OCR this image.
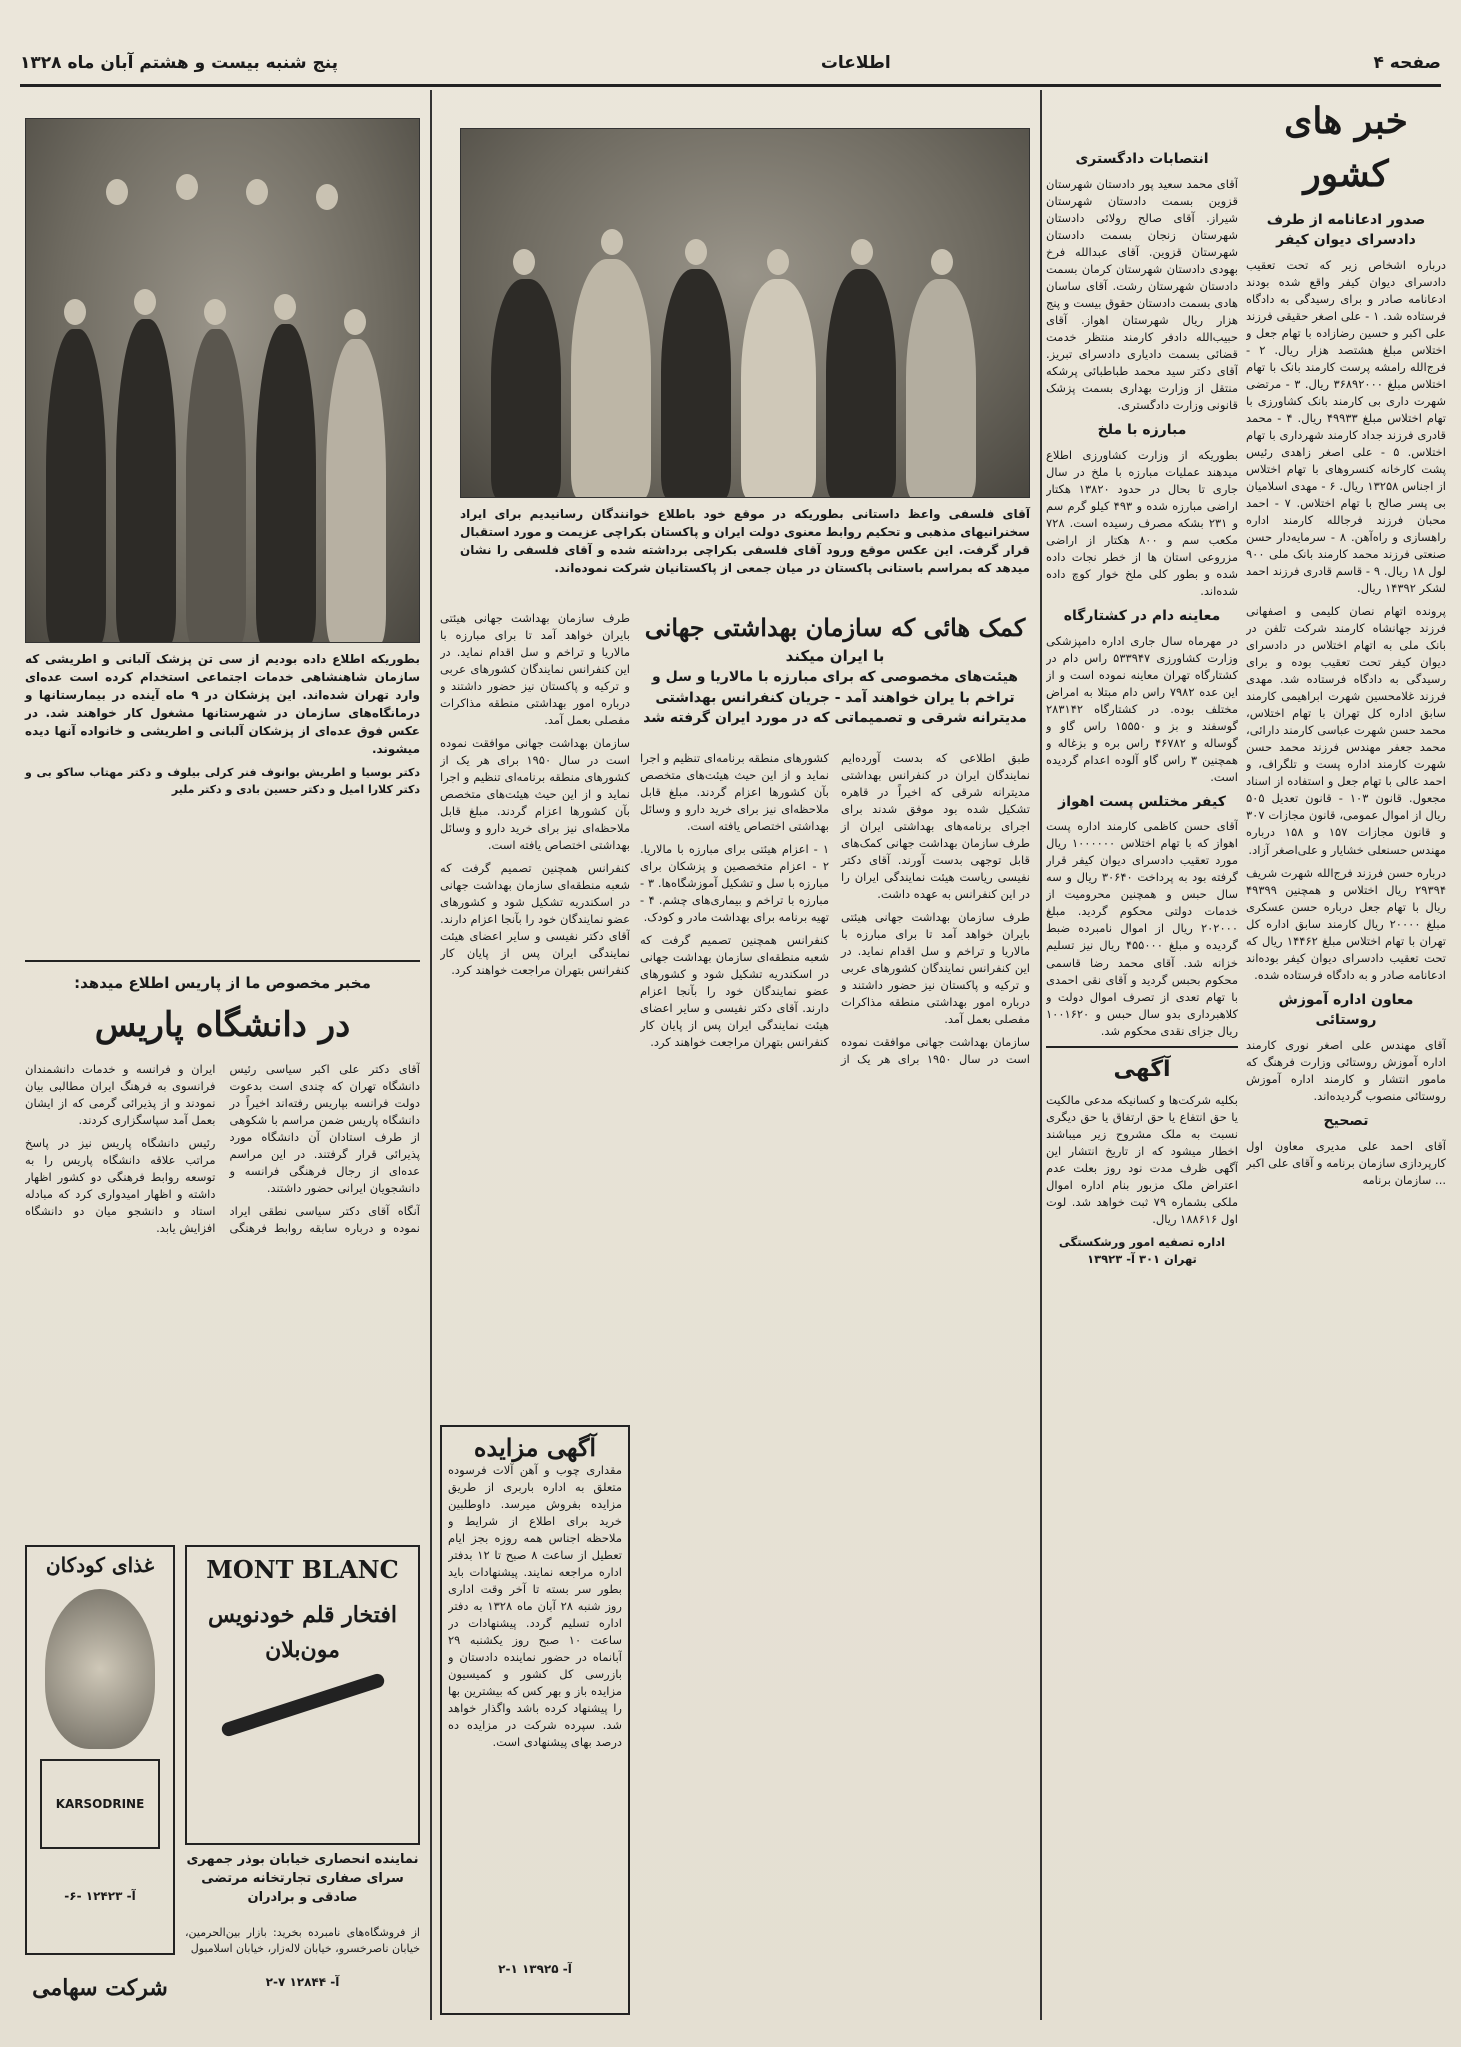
صفحه ۴
اطلاعات
پنج شنبه بیست و هشتم آبان ماه ۱۳۲۸
خبر های کشور
صدور ادعانامه از طرف دادسرای دیوان کیفر

درباره اشخاص زیر که تحت تعقیب دادسرای دیوان کیفر واقع شده بودند ادعانامه صادر و برای رسیدگی به دادگاه فرستاده شد. ۱ - علی اصغر حقیقی فرزند علی اکبر و حسین رضازاده با تهام جعل و اختلاس مبلغ هشتصد هزار ریال. ۲ - فرج‌الله رامشه پرست کارمند بانک با تهام اختلاس مبلغ ۳۶۸۹۲۰۰۰ ریال. ۳ - مرتضی شهرت داری بی کارمند بانک کشاورزی با تهام اختلاس مبلغ ۴۹۹۳۳ ریال. ۴ - محمد قادری فرزند جداد کارمند شهرداری با تهام اختلاس. ۵ - علی اصغر زاهدی رئیس پشت کارخانه کنسروهای با تهام اختلاس از اجناس ۱۳۲۵۸ ریال. ۶ - مهدی اسلامیان بی پسر صالح با تهام اختلاس. ۷ - احمد محبان فرزند فرجالله کارمند اداره راهسازی و راه‌آهن. ۸ - سرمایه‌دار حسن صنعتی فرزند محمد کارمند بانک ملی ۹۰۰ لول ۱۸ ریال. ۹ - قاسم قادری فرزند احمد لشکر ۱۴۳۹۲ ریال.

پرونده اتهام نصان کلیمی و اصفهانی فرزند جهانشاه کارمند شرکت تلفن در بانک ملی به اتهام اختلاس در دادسرای دیوان کیفر تحت تعقیب بوده و برای رسیدگی به دادگاه فرستاده شد. مهدی فرزند غلامحسین شهرت ابراهیمی کارمند سابق اداره کل تهران با تهام اختلاس، محمد حسن شهرت عباسی کارمند دارائی، محمد جعفر مهندس فرزند محمد حسن شهرت کارمند اداره پست و تلگراف، و احمد عالی با تهام جعل و استفاده از اسناد مجعول. قانون ۱۰۳ - قانون تعدیل ۵۰۵ ریال از اموال عمومی، قانون مجازات ۳۰۷ و قانون مجازات ۱۵۷ و ۱۵۸ درباره مهندس حسنعلی خشایار و علی‌اصغر آزاد.

درباره حسن فرزند فرج‌الله شهرت شریف ۲۹۳۹۴ ریال اختلاس و همچنین ۴۹۳۹۹ ریال با تهام جعل درباره حسن عسکری مبلغ ۲۰۰۰۰ ریال کارمند سابق اداره کل تهران با تهام اختلاس مبلغ ۱۴۴۶۲ ریال که تحت تعقیب دادسرای دیوان کیفر بوده‌اند ادعانامه صادر و به دادگاه فرستاده شده.

معاون اداره آموزش روستائی

آقای مهندس علی اصغر نوری کارمند اداره آموزش روستائی وزارت فرهنگ که مامور انتشار و کارمند اداره آموزش روستائی منصوب گردیده‌اند.

تصحیح

آقای احمد علی مدیری معاون اول کارپردازی سازمان برنامه و آقای علی اکبر ... سازمان برنامه

انتصابات دادگستری

آقای محمد سعید پور دادستان شهرستان قزوین بسمت دادستان شهرستان شیراز. آقای صالح رولائی دادستان شهرستان زنجان بسمت دادستان شهرستان قزوین. آقای عبدالله فرخ بهودی دادستان شهرستان کرمان بسمت دادستان شهرستان رشت. آقای ساسان هادی بسمت دادستان حقوق بیست و پنج هزار ریال شهرستان اهواز. آقای حبیب‌الله دادفر کارمند منتظر خدمت قضائی بسمت دادیاری دادسرای تبریز. آقای دکتر سید محمد طباطبائی پرشکه منتقل از وزارت بهداری بسمت پزشک قانونی وزارت دادگستری.

مبارزه با ملخ

بطوریکه از وزارت کشاورزی اطلاع میدهند عملیات مبارزه با ملخ در سال جاری تا بحال در حدود ۱۳۸۲۰ هکتار اراضی مبارزه شده و ۴۹۳ کیلو گرم سم و ۲۳۱ بشکه مصرف رسیده است. ۷۲۸ مکعب سم و ۸۰۰ هکتار از اراضی مزروعی استان ها از خطر نجات داده شده و بطور کلی ملخ خوار کوچ داده شده‌اند.

معاینه دام در کشتارگاه

در مهرماه سال جاری اداره دامپزشکی وزارت کشاورزی ۵۳۳۹۴۷ راس دام در کشتارگاه تهران معاینه نموده است و از این عده ۷۹۸۲ راس دام مبتلا به امراض مختلف بوده. در کشتارگاه ۲۸۳۱۴۲ گوسفند و بز و ۱۵۵۵۰ راس گاو و گوساله و ۴۶۷۸۲ راس بره و بزغاله و همچنین ۳ راس گاو آلوده اعدام گردیده است.

کیفر مختلس پست اهواز

آقای حسن کاظمی کارمند اداره پست اهواز که با تهام اختلاس ۱۰۰۰۰۰۰ ریال مورد تعقیب دادسرای دیوان کیفر قرار گرفته بود به پرداخت ۳۰۶۴۰ ریال و سه سال حبس و همچنین محرومیت از خدمات دولتی محکوم گردید. مبلغ ۲۰۲۰۰۰ ریال از اموال نامبرده ضبط گردیده و مبلغ ۴۵۵۰۰۰ ریال نیز تسلیم خزانه شد. آقای محمد رضا قاسمی محکوم بحبس گردید و آقای نقی احمدی با تهام تعدی از تصرف اموال دولت و کلاهبرداری بدو سال حبس و ۱۰۰۱۶۲۰ ریال جزای نقدی محکوم شد.

آگهی

بکلیه شرکت‌ها و کسانیکه مدعی مالکیت یا حق انتفاع یا حق ارتفاق یا حق دیگری نسبت به ملک مشروح زیر میباشند اخطار میشود که از تاریخ انتشار این آگهی ظرف مدت نود روز بعلت عدم اعتراض ملک مزبور بنام اداره اموال ملکی بشماره ۷۹ ثبت خواهد شد. لوت اول ۱۸۸۶۱۶ ریال.

اداره تصفیه امور ورشکستگی تهران ۳۰۱ آ- ۱۳۹۲۳

آقای فلسفی واعظ داستانی بطوریکه در موقع خود باطلاع خوانندگان رسانیدیم برای ایراد سخنرانیهای مذهبی و تحکیم روابط معنوی دولت ایران و پاکستان بکراچی عزیمت و مورد استقبال قرار گرفت. این عکس موقع ورود آقای فلسفی بکراچی برداشته شده و آقای فلسفی را نشان میدهد که بمراسم باستانی پاکستان در میان جمعی از پاکستانیان شرکت نموده‌اند.
کمک هائی که سازمان بهداشتی جهانی
با ایران میکند
هیئت‌های مخصوصی که برای مبارزه با مالاریا و سل و تراخم با یران خواهند آمد - جریان کنفرانس بهداشتی مدیترانه شرقی و تصمیماتی که در مورد ایران گرفته شد

طبق اطلاعی که بدست آورده‌ایم نمایندگان ایران در کنفرانس بهداشتی مدیترانه شرقی که اخیراً در قاهره تشکیل شده بود موفق شدند برای اجرای برنامه‌های بهداشتی ایران از طرف سازمان بهداشت جهانی کمک‌های قابل توجهی بدست آورند. آقای دکتر نفیسی ریاست هیئت نمایندگی ایران را در این کنفرانس به عهده داشت.

طرف سازمان بهداشت جهانی هیئتی بایران خواهد آمد تا برای مبارزه با مالاریا و تراخم و سل اقدام نماید. در این کنفرانس نمایندگان کشورهای عربی و ترکیه و پاکستان نیز حضور داشتند و درباره امور بهداشتی منطقه مذاکرات مفصلی بعمل آمد.

سازمان بهداشت جهانی موافقت نموده است در سال ۱۹۵۰ برای هر یک از کشورهای منطقه برنامه‌ای تنظیم و اجرا نماید و از این حیث هیئت‌های متخصص بآن کشورها اعزام گردند. مبلغ قابل ملاحظه‌ای نیز برای خرید دارو و وسائل بهداشتی اختصاص یافته است.

۱ - اعزام هیئتی برای مبارزه با مالاریا. ۲ - اعزام متخصصین و پزشکان برای مبارزه با سل و تشکیل آموزشگاه‌ها. ۳ - مبارزه با تراخم و بیماری‌های چشم. ۴ - تهیه برنامه برای بهداشت مادر و کودک.

کنفرانس همچنین تصمیم گرفت که شعبه منطقه‌ای سازمان بهداشت جهانی در اسکندریه تشکیل شود و کشورهای عضو نمایندگان خود را بآنجا اعزام دارند. آقای دکتر نفیسی و سایر اعضای هیئت نمایندگی ایران پس از پایان کار کنفرانس بتهران مراجعت خواهند کرد.

طرف سازمان بهداشت جهانی هیئتی بایران خواهد آمد تا برای مبارزه با مالاریا و تراخم و سل اقدام نماید. در این کنفرانس نمایندگان کشورهای عربی و ترکیه و پاکستان نیز حضور داشتند و درباره امور بهداشتی منطقه مذاکرات مفصلی بعمل آمد.

سازمان بهداشت جهانی موافقت نموده است در سال ۱۹۵۰ برای هر یک از کشورهای منطقه برنامه‌ای تنظیم و اجرا نماید و از این حیث هیئت‌های متخصص بآن کشورها اعزام گردند. مبلغ قابل ملاحظه‌ای نیز برای خرید دارو و وسائل بهداشتی اختصاص یافته است.

کنفرانس همچنین تصمیم گرفت که شعبه منطقه‌ای سازمان بهداشت جهانی در اسکندریه تشکیل شود و کشورهای عضو نمایندگان خود را بآنجا اعزام دارند. آقای دکتر نفیسی و سایر اعضای هیئت نمایندگی ایران پس از پایان کار کنفرانس بتهران مراجعت خواهند کرد.

آگهی مزایده
مقداری چوب و آهن آلات فرسوده متعلق به اداره باربری از طریق مزایده بفروش میرسد. داوطلبین خرید برای اطلاع از شرایط و ملاحظه اجناس همه روزه بجز ایام تعطیل از ساعت ۸ صبح تا ۱۲ بدفتر اداره مراجعه نمایند. پیشنهادات باید بطور سر بسته تا آخر وقت اداری روز شنبه ۲۸ آبان ماه ۱۳۲۸ به دفتر اداره تسلیم گردد. پیشنهادات در ساعت ۱۰ صبح روز یکشنبه ۲۹ آبانماه در حضور نماینده دادستان و بازرسی کل کشور و کمیسیون مزایده باز و بهر کس که بیشترین بها را پیشنهاد کرده باشد واگذار خواهد شد. سپرده شرکت در مزایده ده درصد بهای پیشنهادی است.
آ- ۱۳۹۲۵ ۱-۲
بطوریکه اطلاع داده بودیم از سی تن پزشک آلبانی و اطریشی که سازمان شاهنشاهی خدمات اجتماعی استخدام کرده است عده‌ای وارد تهران شده‌اند. این پزشکان در ۹ ماه آینده در بیمارستانها و درمانگاه‌های سازمان در شهرستانها مشغول کار خواهند شد. در عکس فوق عده‌ای از پزشکان آلبانی و اطریشی و خانواده آنها دیده میشوند.
دکتر بوسیا و اطریش بوانوف فنر کرلی بیلوف و دکتر مهتاب ساکو بی و دکتر کلارا امیل و دکتر حسین بادی و دکتر ملیر
مخبر مخصوص ما از پاریس اطلاع میدهد:
در دانشگاه پاریس

آقای دکتر علی اکبر سیاسی رئیس دانشگاه تهران که چندی است بدعوت دولت فرانسه بپاریس رفته‌اند اخیراً در دانشگاه پاریس ضمن مراسم با شکوهی از طرف استادان آن دانشگاه مورد پذیرائی قرار گرفتند. در این مراسم عده‌ای از رجال فرهنگی فرانسه و دانشجویان ایرانی حضور داشتند.

آنگاه آقای دکتر سیاسی نطقی ایراد نموده و درباره سابقه روابط فرهنگی ایران و فرانسه و خدمات دانشمندان فرانسوی به فرهنگ ایران مطالبی بیان نمودند و از پذیرائی گرمی که از ایشان بعمل آمد سپاسگزاری کردند.

رئیس دانشگاه پاریس نیز در پاسخ مراتب علاقه دانشگاه پاریس را به توسعه روابط فرهنگی دو کشور اظهار داشته و اظهار امیدواری کرد که مبادله استاد و دانشجو میان دو دانشگاه افزایش یابد.

غذای کودکان
KARSODRINE
آ- ۱۲۴۲۳ -۶-
MONT BLANC
افتخار قلم خودنویس مون‌بلان
نماینده انحصاری خیابان بوذر جمهری سرای صفاری تجارتخانه مرتضی صادقی و برادران
از فروشگاه‌های نامبرده بخرید: بازار بین‌الحرمین، خیابان ناصرخسرو، خیابان لاله‌زار، خیابان اسلامبول
آ- ۱۲۸۴۴ ۷-۲
شرکت سهامی
